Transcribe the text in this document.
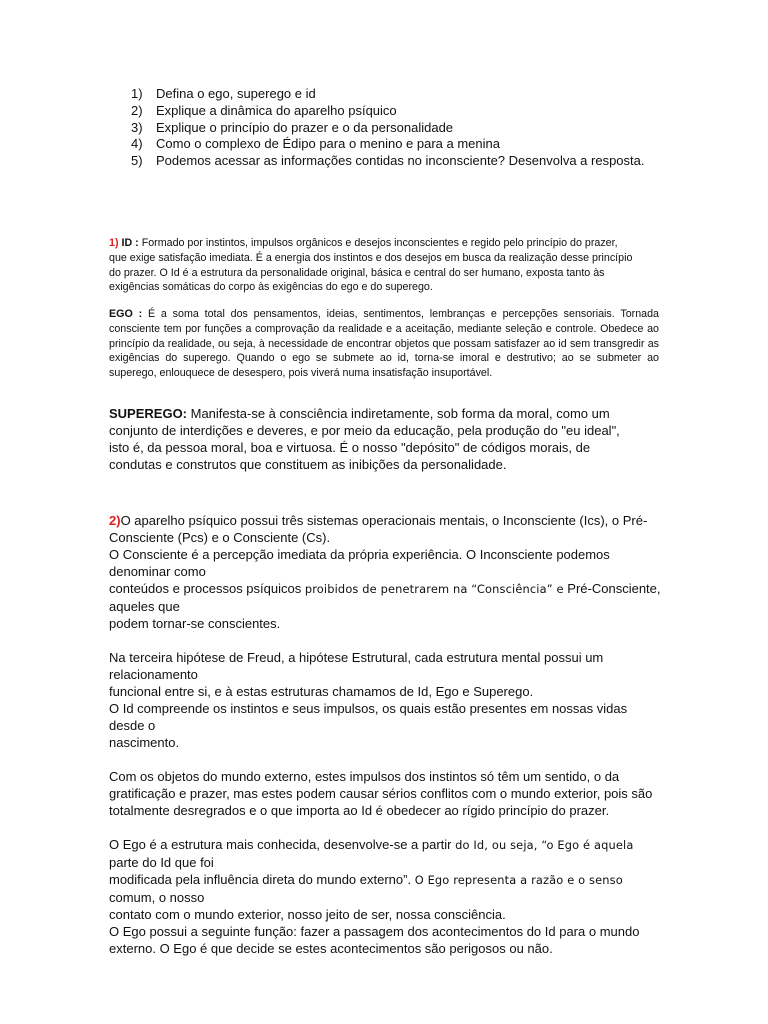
1)	Defina o ego, superego e id
2)	Explique a dinâmica do aparelho psíquico
3)	Explique o princípio do prazer e o da personalidade
4)	Como o complexo de Édipo para o menino e para a menina
5)	Podemos acessar as informações contidas no inconsciente? Desenvolva a resposta.

1) ID : Formado por instintos, impulsos orgânicos e desejos inconscientes e regido pelo princípio do prazer, que exige satisfação imediata. É a energia dos instintos e dos desejos em busca da realização desse princípio do prazer. O Id é a estrutura da personalidade original, básica e central do ser humano, exposta tanto às exigências somáticas do corpo às exigências do ego e do superego.

EGO : É a soma total dos pensamentos, ideias, sentimentos, lembranças e percepções sensoriais. Tornada consciente tem por funções a comprovação da realidade e a aceitação, mediante seleção e controle. Obedece ao princípio da realidade, ou seja, à necessidade de encontrar objetos que possam satisfazer ao id sem transgredir as exigências do superego. Quando o ego se submete ao id, torna-se imoral e destrutivo; ao se submeter ao superego, enlouquece de desespero, pois viverá numa insatisfação insuportável.

SUPEREGO: Manifesta-se à consciência indiretamente, sob forma da moral, como um conjunto de interdições e deveres, e por meio da educação, pela produção do "eu ideal", isto é, da pessoa moral, boa e virtuosa. É o nosso "depósito" de códigos morais, de condutas e construtos que constituem as inibições da personalidade.

2)O aparelho psíquico possui três sistemas operacionais mentais, o Inconsciente (Ics), o Pré-
Consciente (Pcs) e o Consciente (Cs).
O Consciente é a percepção imediata da própria experiência. O Inconsciente podemos
denominar como
conteúdos e processos psíquicos proibidos de penetrarem na “Consciência” e Pré-Consciente,
aqueles que
podem tornar-se conscientes.
Na terceira hipótese de Freud, a hipótese Estrutural, cada estrutura mental possui um
relacionamento
funcional entre si, e à estas estruturas chamamos de Id, Ego e Superego.
O Id compreende os instintos e seus impulsos, os quais estão presentes em nossas vidas
desde o
nascimento.
Com os objetos do mundo externo, estes impulsos dos instintos só têm um sentido, o da
gratificação e prazer, mas estes podem causar sérios conflitos com o mundo exterior, pois são
totalmente desregrados e o que importa ao Id é obedecer ao rígido princípio do prazer.
O Ego é a estrutura mais conhecida, desenvolve-se a partir do Id, ou seja, “o Ego é aquela
parte do Id que foi
modificada pela influência direta do mundo externo”. O Ego representa a razão e o senso
comum, o nosso
contato com o mundo exterior, nosso jeito de ser, nossa consciência.
O Ego possui a seguinte função: fazer a passagem dos acontecimentos do Id para o mundo
externo. O Ego é que decide se estes acontecimentos são perigosos ou não.
